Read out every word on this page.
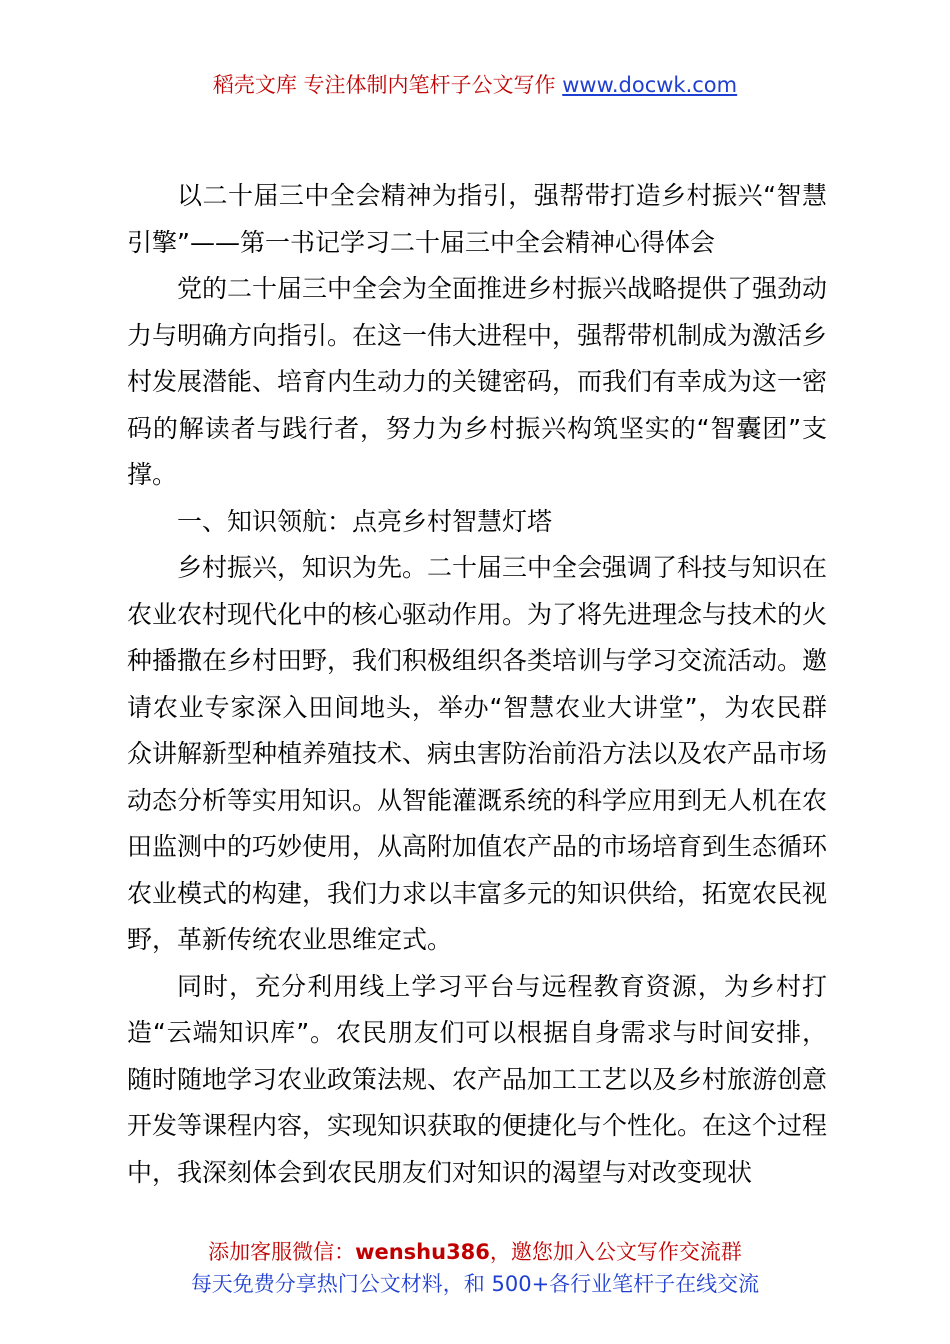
稻壳文库 专注体制内笔杆子公文写作 www.docwk.com

以二十届三中全会精神为指引，强帮带打造乡村振兴“智慧引擎”——第一书记学习二十届三中全会精神心得体会

党的二十届三中全会为全面推进乡村振兴战略提供了强劲动力与明确方向指引。在这一伟大进程中，强帮带机制成为激活乡村发展潜能、培育内生动力的关键密码，而我们有幸成为这一密码的解读者与践行者，努力为乡村振兴构筑坚实的“智囊团”支撑。

一、知识领航：点亮乡村智慧灯塔

乡村振兴，知识为先。二十届三中全会强调了科技与知识在农业农村现代化中的核心驱动作用。为了将先进理念与技术的火种播撒在乡村田野，我们积极组织各类培训与学习交流活动。邀请农业专家深入田间地头，举办“智慧农业大讲堂”，为农民群众讲解新型种植养殖技术、病虫害防治前沿方法以及农产品市场动态分析等实用知识。从智能灌溉系统的科学应用到无人机在农田监测中的巧妙使用，从高附加值农产品的市场培育到生态循环农业模式的构建，我们力求以丰富多元的知识供给，拓宽农民视野，革新传统农业思维定式。

同时，充分利用线上学习平台与远程教育资源，为乡村打造“云端知识库”。农民朋友们可以根据自身需求与时间安排，随时随地学习农业政策法规、农产品加工工艺以及乡村旅游创意开发等课程内容，实现知识获取的便捷化与个性化。在这个过程中，我深刻体会到农民朋友们对知识的渴望与对改变现状

添加客服微信：wenshu386，邀您加入公文写作交流群
每天免费分享热门公文材料，和 500+各行业笔杆子在线交流
